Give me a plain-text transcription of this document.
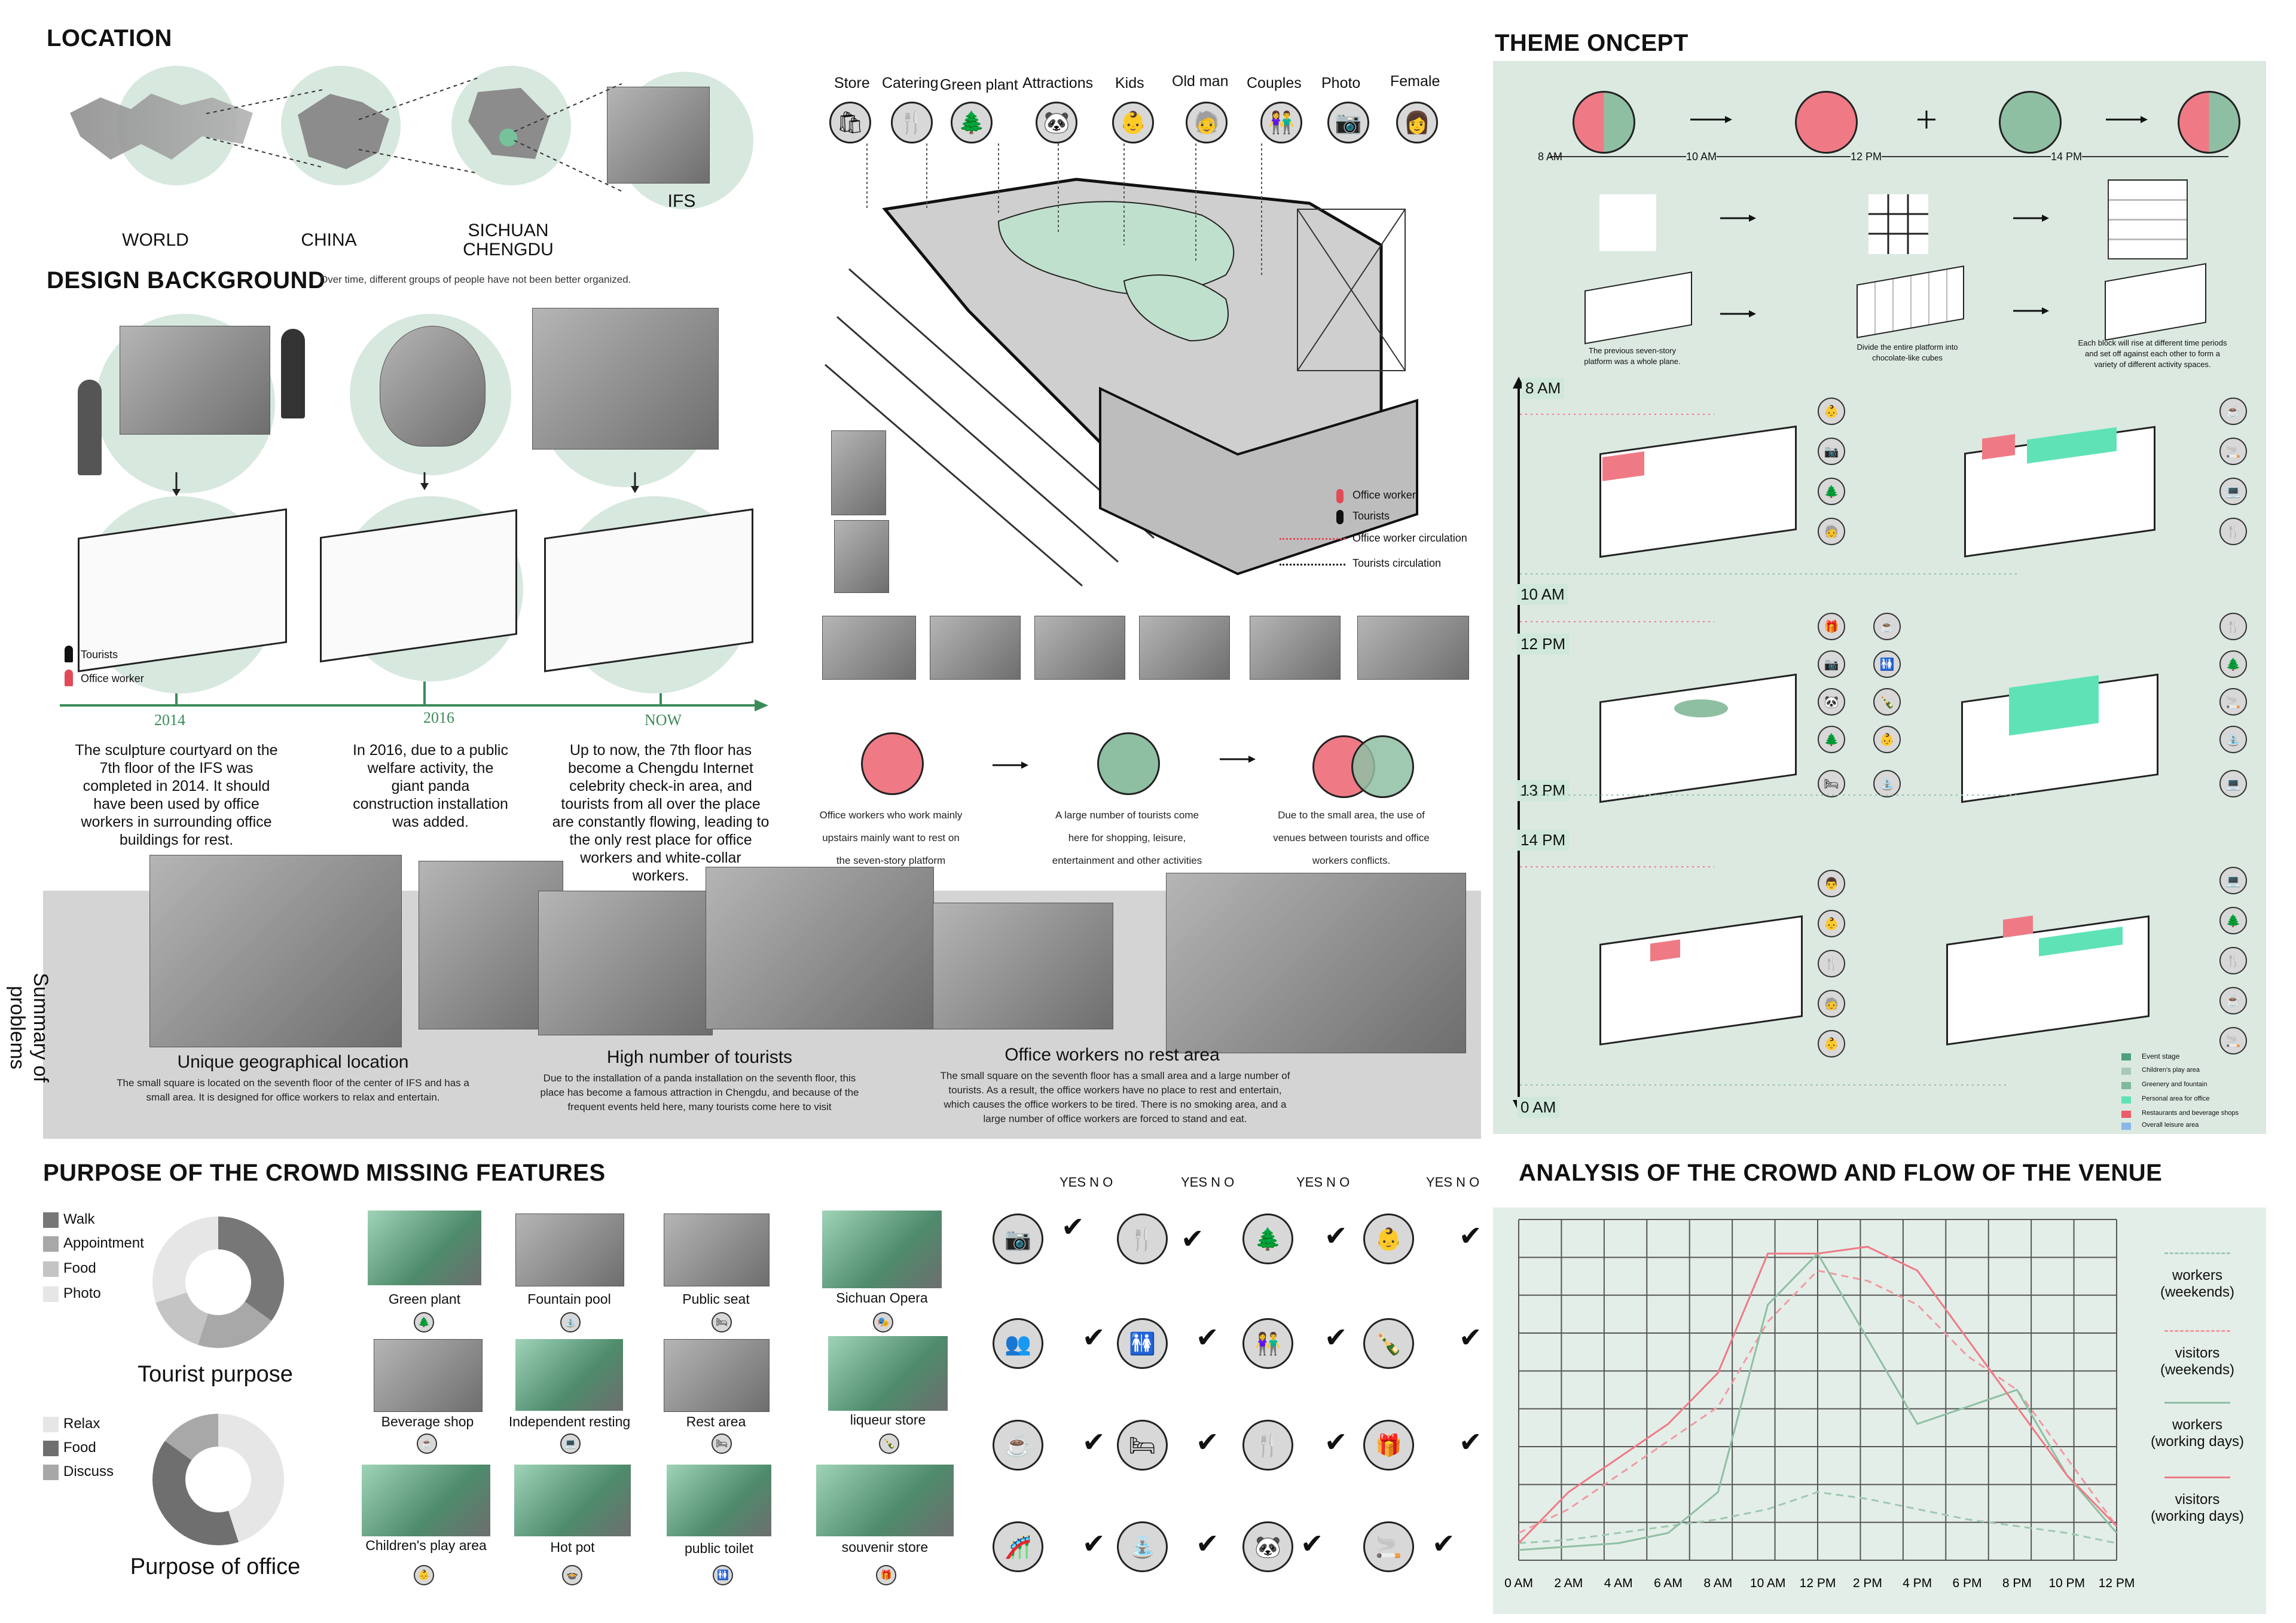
LOCATION
WORLD	CHINA	SICHUAN
CHENGDU
IFS
DESIGN BACKGROUND
Over time, different groups of people have not been better organized.
Tourists
Office worker
2014	2016	NOW
The sculpture courtyard on the 7th floor of the IFS was completed in 2014. It should have been used by office workers in surrounding office buildings for rest.
In 2016, due to a public welfare activity, the giant panda construction installation was added.
Up to now, the 7th floor has become a Chengdu Internet celebrity check-in area, and tourists from all over the place are constantly flowing, leading to the only rest place for office workers and white-collar workers.
Summary of problems	Unique geographical location
The small square is located on the seventh floor of the center of IFS and has a small area. It is designed for office workers to relax and entertain.
High number of tourists
Due to the installation of a panda installation on the seventh floor, this place has become a famous attraction in Chengdu, and because of the frequent events held here, many tourists come here to visit
Office workers no rest area
The small square on the seventh floor has a small area and a large number of tourists. As a result, the office workers have no place to rest and entertain, which causes the office workers to be tired. There is no smoking area, and a large number of office workers are forced to stand and eat.
Store Catering Green plant Attractions Kids Old man Couples Photo Female
🛍	🍴	🌲	🐼	👶	🧓	👫	📷	👩
Office worker
Tourists
Office worker circulation
Tourists circulation
Office workers who work mainly upstairs mainly want to rest on the seven-story platform
A large number of tourists come here for shopping, leisure, entertainment and other activities
Due to the small area, the use of venues between tourists and office workers conflicts.
THEME ONCEPT
8 AM	10 AM	12 PM	14 PM
The previous seven-story platform was a whole plane.
Divide the entire platform into chocolate-like cubes
Each block will rise at different time periods and set off against each other to form a variety of different activity spaces.
8 AM
10 AM
12 PM
13 PM
14 PM
0 AM
👶
📷
🌲
🧓
☕
🚬
💻
🍴
🎁
📷
🐼
🌲
🛏
☕
🚻
🍾
👶
⛲
🍴
🌲
🚬
⛲
💻
👨
👶
🍴
🧓
👶
💻
🌲
🍴
☕
🚬
Event stage
Children's play area
Greenery and fountain
Personal area for office
Restaurants and beverage shops
Overall leisure area
PURPOSE OF THE CROWD
Walk
Appointment
Food
Photo
Tourist purpose
Relax
Food
Discuss
Purpose of office
MISSING FEATURES
Green plant	Fountain pool	Public seat	Sichuan Opera
🌲	⛲	🛏	🎭
Beverage shop	Independent resting	Rest area	liqueur store
☕	💻	🛏	🍾
Children's play area	Hot pot	public toilet	souvenir store
👶	🍲	🚻	🎁
YES N O	YES N O	YES N O	YES N O
📷	🍴	🌲	👶
✔	✔	✔	✔
👥	🚻	👫	🍾
✔	✔	✔	✔
☕	🛏	🍴	🎁
✔	✔	✔	✔
🎢	⛲	🐼	🚬
✔	✔	✔	✔
ANALYSIS OF THE CROWD AND FLOW OF THE VENUE
0 AM 2 AM 4 AM 6 AM 8 AM 10 AM 12 PM 2 PM 4 PM 6 PM 8 PM 10 PM 12 PM
workers
(weekends)
visitors
(weekends)
workers
(working days)
visitors
(working days)
